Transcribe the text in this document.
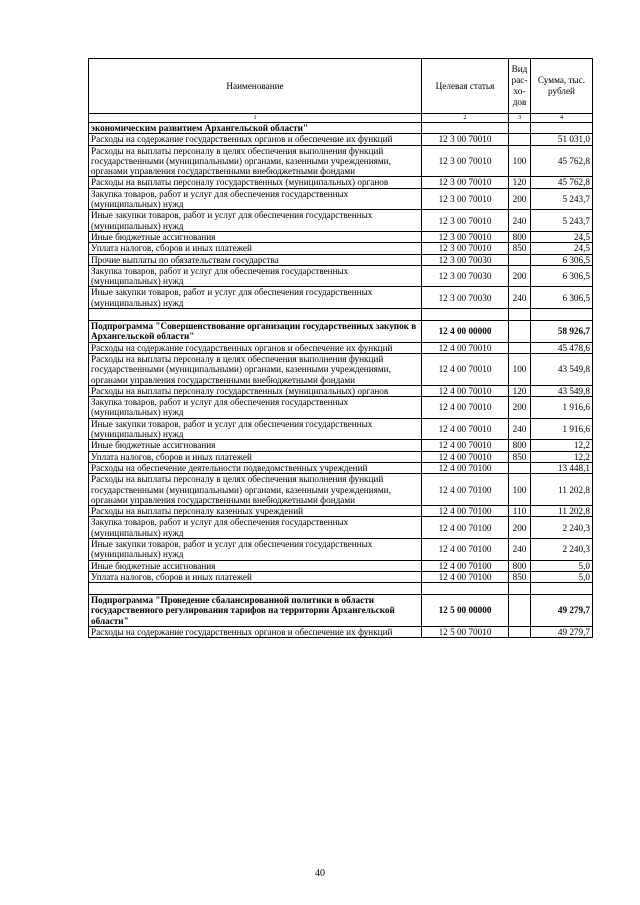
Наименование	Целевая статья	Вид рас-хо-дов	Сумма, тыс. рублей
1	2	3	4
экономическим развитием Архангельской области"			
Расходы на содержание государственных органов и обеспечение их функций	12 3 00 70010		51 031,0
Расходы на выплаты персоналу в целях обеспечения выполнения функций государственными (муниципальными) органами, казенными учреждениями, органами управления государственными внебюджетными фондами	12 3 00 70010	100	45 762,8
Расходы на выплаты персоналу государственных (муниципальных) органов	12 3 00 70010	120	45 762,8
Закупка товаров, работ и услуг для обеспечения государственных (муниципальных) нужд	12 3 00 70010	200	5 243,7
Иные закупки товаров, работ и услуг для обеспечения государственных (муниципальных) нужд	12 3 00 70010	240	5 243,7
Иные бюджетные ассигнования	12 3 00 70010	800	24,5
Уплата налогов, сборов и иных платежей	12 3 00 70010	850	24,5
Прочие выплаты по обязательствам государства	12 3 00 70030		6 306,5
Закупка товаров, работ и услуг для обеспечения государственных (муниципальных) нужд	12 3 00 70030	200	6 306,5
Иные закупки товаров, работ и услуг для обеспечения государственных (муниципальных) нужд	12 3 00 70030	240	6 306,5

Подпрограмма "Совершенствование организации государственных закупок в Архангельской области"	12 4 00 00000		58 926,7
Расходы на содержание государственных органов и обеспечение их функций	12 4 00 70010		45 478,6
Расходы на выплаты персоналу в целях обеспечения выполнения функций государственными (муниципальными) органами, казенными учреждениями, органами управления государственными внебюджетными фондами	12 4 00 70010	100	43 549,8
Расходы на выплаты персоналу государственных (муниципальных) органов	12 4 00 70010	120	43 549,8
Закупка товаров, работ и услуг для обеспечения государственных (муниципальных) нужд	12 4 00 70010	200	1 916,6
Иные закупки товаров, работ и услуг для обеспечения государственных (муниципальных) нужд	12 4 00 70010	240	1 916,6
Иные бюджетные ассигнования	12 4 00 70010	800	12,2
Уплата налогов, сборов и иных платежей	12 4 00 70010	850	12,2
Расходы на обеспечение деятельности подведомственных учреждений	12 4 00 70100		13 448,1
Расходы на выплаты персоналу в целях обеспечения выполнения функций государственными (муниципальными) органами, казенными учреждениями, органами управления государственными внебюджетными фондами	12 4 00 70100	100	11 202,8
Расходы на выплаты персоналу казенных учреждений	12 4 00 70100	110	11 202,8
Закупка товаров, работ и услуг для обеспечения государственных (муниципальных) нужд	12 4 00 70100	200	2 240,3
Иные закупки товаров, работ и услуг для обеспечения государственных (муниципальных) нужд	12 4 00 70100	240	2 240,3
Иные бюджетные ассигнования	12 4 00 70100	800	5,0
Уплата налогов, сборов и иных платежей	12 4 00 70100	850	5,0

Подпрограмма "Проведение сбалансированной политики в области государственного регулирования тарифов на территории Архангельской области"	12 5 00 00000		49 279,7
Расходы на содержание государственных органов и обеспечение их функций	12 5 00 70010		49 279,7
40
